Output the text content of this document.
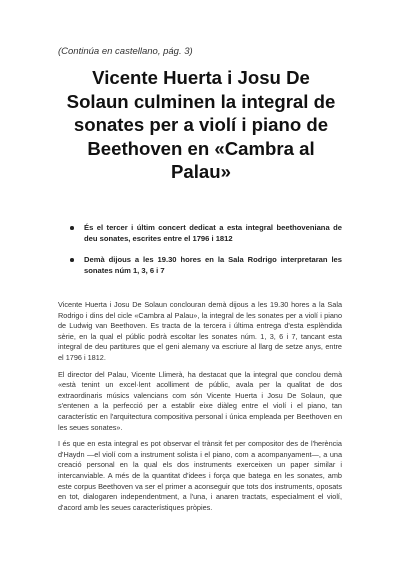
(Continúa en castellano, pág. 3)
Vicente Huerta i Josu De Solaun culminen la integral de sonates per a violí i piano de Beethoven en «Cambra al Palau»
És el tercer i últim concert dedicat a esta integral beethoveniana de deu sonates, escrites entre el 1796 i 1812
Demà dijous a les 19.30 hores en la Sala Rodrigo interpretaran les sonates núm 1, 3, 6 i 7

Vicente Huerta i Josu De Solaun conclouran demà dijous a les 19.30 hores a la Sala Rodrigo i dins del cicle «Cambra al Palau», la integral de les sonates per a violí i piano de Ludwig van Beethoven. Es tracta de la tercera i última entrega d'esta esplèndida sèrie, en la qual el públic podrà escoltar les sonates núm. 1, 3, 6 i 7, tancant esta integral de deu partitures que el geni alemany va escriure al llarg de setze anys, entre el 1796 i 1812.

El director del Palau, Vicente Llimerà, ha destacat que la integral que conclou demà «està tenint un excel·lent acolliment de públic, avala per la qualitat de dos extraordinaris músics valencians com són Vicente Huerta i Josu De Solaun, que s'entenen a la perfecció per a establir eixe diàleg entre el violí i el piano, tan característic en l'arquitectura compositiva personal i única empleada per Beethoven en les seues sonates».

I és que en esta integral es pot observar el trànsit fet per compositor des de l'herència d'Haydn —el violí com a instrument solista i el piano, com a acompanyament—, a una creació personal en la qual els dos instruments exerceixen un paper similar i intercanviable. A més de la quantitat d'idees i força que batega en les sonates, amb este corpus Beethoven va ser el primer a aconseguir que tots dos instruments, oposats en tot, dialogaren independentment, a l'una, i anaren tractats, especialment el violí, d'acord amb les seues característiques pròpies.
